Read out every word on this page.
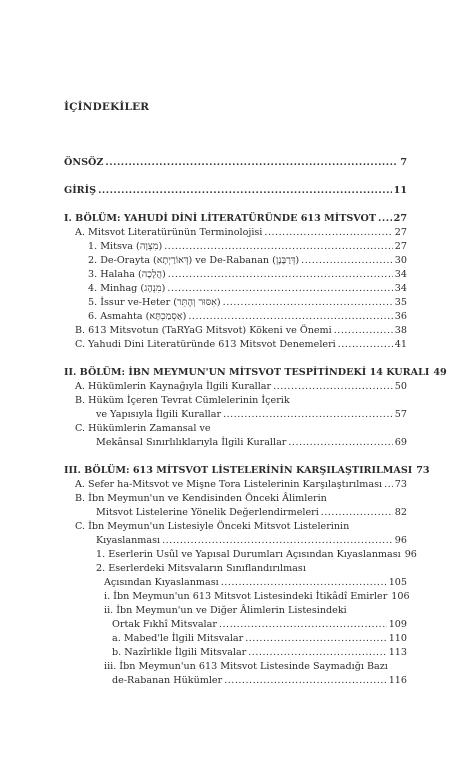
İÇİNDEKİLER
ÖNSÖZ .....	7
GİRİŞ .....	11
I. BÖLÜM: YAHUDİ DİNİ LİTERATÜRÜNDE 613 MİTSVOT ..... 27
A. Mitsvot Literatürünün Terminolojisi .....	27
1. Mitsva (מִצְוָה) .....	27
2. De-Orayta (דְּאוֹרַיְתָא) ve De-Rabanan (דְּרַבָּנָן) .....	30
3. Halaha (הֲלָכָה) .....	34
4. Minhag (מִנְהָג) .....	34
5. İssur ve-Heter (אִסּוּר וְהֶתֵּר) .....	35
6. Asmahta (אַסְמַכְתָּא) .....	36
B. 613 Mitsvotun (TaRYaG Mitsvot) Kökeni ve Önemi .....	38
C. Yahudi Dini Literatüründe 613 Mitsvot Denemeleri .....	41
II. BÖLÜM: İBN MEYMUN'UN MİTSVOT TESPİTİNDEKİ 14 KURALI 49
A. Hükümlerin Kaynağıyla İlgili Kurallar .....	50
B. Hüküm İçeren Tevrat Cümlelerinin İçerik
ve Yapısıyla İlgili Kurallar .....	57
C. Hükümlerin Zamansal ve
Mekânsal Sınırlılıklarıyla İlgili Kurallar .....	69
III. BÖLÜM: 613 MİTSVOT LİSTELERİNİN KARŞILAŞTIRILMASI 73
A. Sefer ha-Mitsvot ve Mişne Tora Listelerinin Karşılaştırılması ..... 73
B. İbn Meymun'un ve Kendisinden Önceki Âlimlerin
Mitsvot Listelerine Yönelik Değerlendirmeleri .....	82
C. İbn Meymun'un Listesiyle Önceki Mitsvot Listelerinin
Kıyaslanması .....	96
1. Eserlerin Usûl ve Yapısal Durumları Açısından Kıyaslanması 96
2. Eserlerdeki Mitsvaların Sınıflandırılması
Açısından Kıyaslanması .....	105
i. İbn Meymun'un 613 Mitsvot Listesindeki İtikâdî Emirler 106
ii. İbn Meymun'un ve Diğer Âlimlerin Listesindeki
Ortak Fıkhî Mitsvalar .....	109
a. Mabed'le İlgili Mitsvalar .....	110
b. Nazîrlikle İlgili Mitsvalar .....	113
iii. İbn Meymun'un 613 Mitsvot Listesinde Saymadığı Bazı
de-Rabanan Hükümler .....	116
